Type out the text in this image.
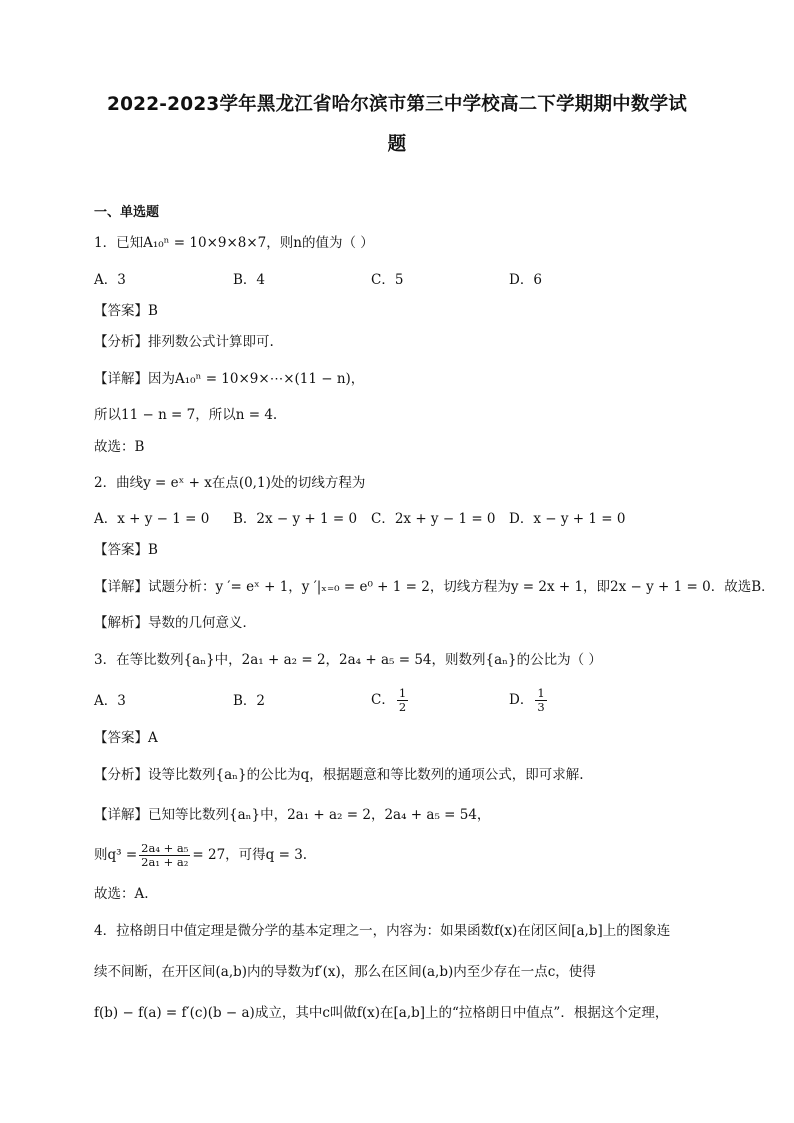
2022-2023学年黑龙江省哈尔滨市第三中学校高二下学期期中数学试
题
一、单选题
1．已知A₁₀ⁿ = 10×9×8×7，则n的值为（ ）
A．3	B．4	C．5	D．6
【答案】B
【分析】排列数公式计算即可.
【详解】因为A₁₀ⁿ = 10×9×⋯×(11 − n)，
所以11 − n = 7，所以n = 4.
故选：B
2．曲线y = eˣ + x在点(0,1)处的切线方程为
A．x + y − 1 = 0 B．2x − y + 1 = 0 C．2x + y − 1 = 0 D．x − y + 1 = 0
【答案】B
【详解】试题分析：y ′= eˣ + 1，y ′|ₓ₌₀ = e⁰ + 1 = 2，切线方程为y = 2x + 1，即2x − y + 1 = 0．故选B．
【解析】导数的几何意义．
3．在等比数列{aₙ}中，2a₁ + a₂ = 2，2a₄ + a₅ = 54，则数列{aₙ}的公比为（ ）
A．3	B．2	C． $\frac{1}{2}$	D． $\frac{1}{3}$
【答案】A
【分析】设等比数列{aₙ}的公比为q，根据题意和等比数列的通项公式，即可求解.
【详解】已知等比数列{aₙ}中，2a₁ + a₂ = 2，2a₄ + a₅ = 54，
则$q^3 = \frac{\text{2a₄ + a₅}}{\text{2a₁ + a₂}} = 27$，可得q = 3.
故选：A.
4．拉格朗日中值定理是微分学的基本定理之一，内容为：如果函数f(x)在闭区间[a,b]上的图象连
续不间断，在开区间(a,b)内的导数为f′(x)，那么在区间(a,b)内至少存在一点c，使得
f(b) − f(a) = f′(c)(b − a)成立，其中c叫做f(x)在[a,b]上的“拉格朗日中值点”．根据这个定理，
